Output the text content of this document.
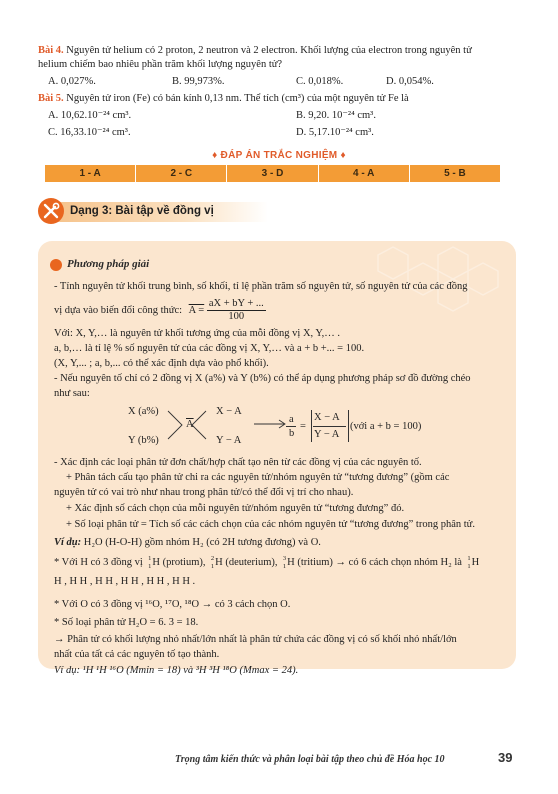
Bài 4. Nguyên tử helium có 2 proton, 2 neutron và 2 electron. Khối lượng của electron trong nguyên tử
helium chiếm bao nhiêu phần trăm khối lượng nguyên tử?
A. 0,027%.	B. 99,973%.	C. 0,018%.	D. 0,054%.
Bài 5. Nguyên tử iron (Fe) có bán kính 0,13 nm. Thể tích (cm³) của một nguyên tử Fe là
A. 10,62.10⁻²⁴ cm³.	B. 9,20. 10⁻²⁴ cm³.
C. 16,33.10⁻²⁴ cm³.	D. 5,17.10⁻²⁴ cm³.
♦ ĐÁP ÁN TRẮC NGHIỆM ♦
1 - A	2 - C	3 - D	4 - A	5 - B
Dạng 3: Bài tập về đồng vị
Phương pháp giải
- Tính nguyên tử khối trung bình, số khối, tỉ lệ phần trăm số nguyên tử, số nguyên tử của các đồng
vị dựa vào biến đổi công thức: $A = \frac{aX + bY + ...}{100}$
Với: X, Y,… là nguyên tử khối tương ứng của mỗi đồng vị X, Y,… .
a, b,… là tỉ lệ % số nguyên tử của các đồng vị X, Y,… và a + b +... = 100.
(X, Y,... ; a, b,... có thể xác định dựa vào phổ khối).
- Nếu nguyên tố chỉ có 2 đồng vị X (a%) và Y (b%) có thể áp dụng phương pháp sơ đồ đường chéo
như sau:
X (a%)
Y (b%)
$\overline{A}$
X − A
Y − A
a
b
=
X − A
Y − A
(với a + b = 100)
- Xác định các loại phân tử đơn chất/hợp chất tạo nên từ các đồng vị của các nguyên tố.
+ Phân tách cấu tạo phân tử chi ra các nguyên tử/nhóm nguyên tử “tương đương” (gồm các
nguyên tử có vai trò như nhau trong phân tử/có thể đổi vị trí cho nhau).
+ Xác định số cách chọn của mỗi nguyên tử/nhóm nguyên tử “tương đương” đó.
+ Số loại phân tử = Tích số các cách chọn của các nhóm nguyên tử “tương đương” trong phân tử.
Ví dụ: H₂O (H-O-H) gồm nhóm H₂ (có 2H tương đương) và O.
* Với H có 3 đồng vị 1
1 H (protium), 2
1 H (deuterium), 3
1 H (tritium) → có 6 cách chọn nhóm H₂ là 1
1 H
H , H H , H H , H H , H H , H H .
* Với O có 3 đồng vị ¹⁶O, ¹⁷O, ¹⁸O → có 3 cách chọn O.
* Số loại phân tử H₂O = 6. 3 = 18.
→ Phân tử có khối lượng nhỏ nhất/lớn nhất là phân tử chứa các đồng vị có số khối nhỏ nhất/lớn
nhất của tất cả các nguyên tố tạo thành.
Ví dụ: ¹H ¹H ¹⁶O (Mmin = 18) và ³H ³H ¹⁸O (Mmax = 24).
Trọng tâm kiến thức và phân loại bài tập theo chủ đề Hóa học 10	39
